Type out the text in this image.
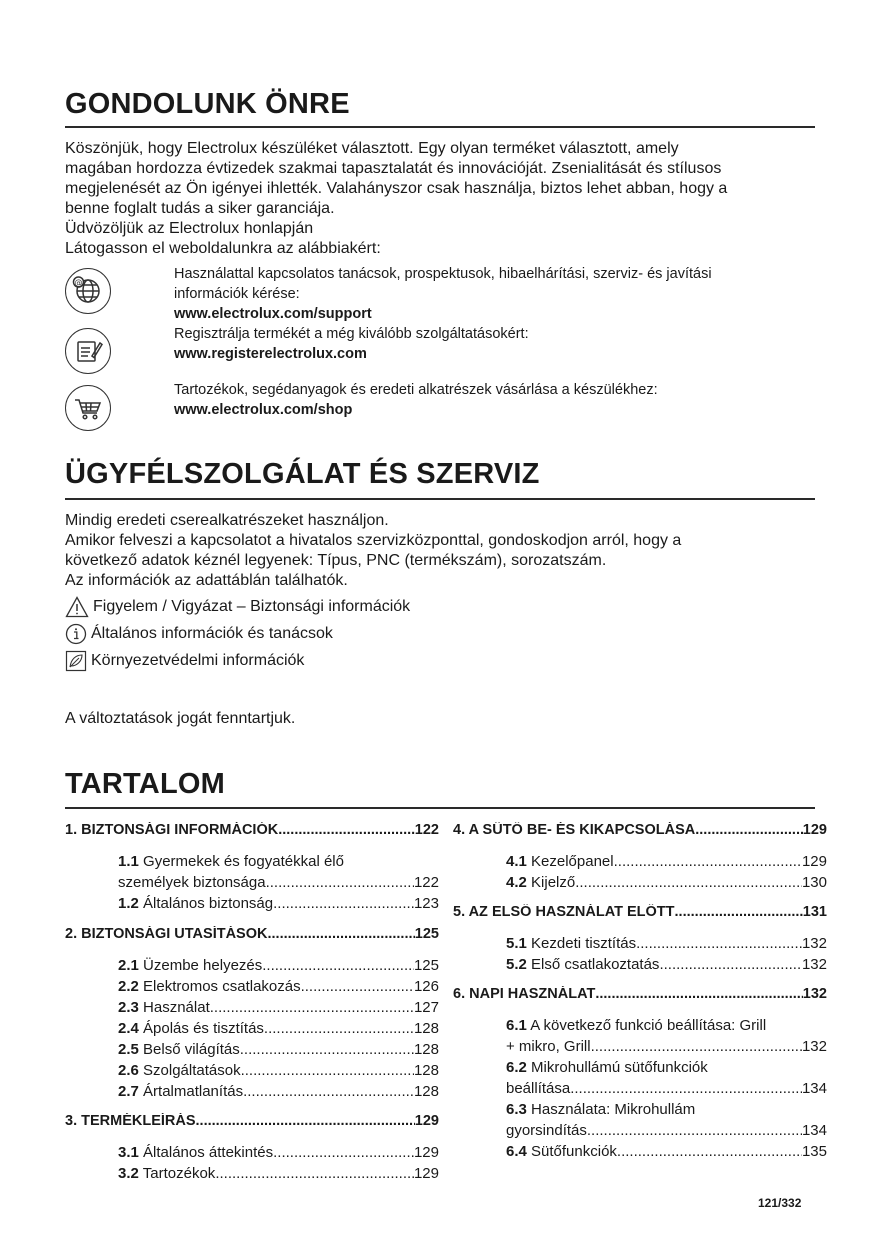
GONDOLUNK ÖNRE
Köszönjük, hogy Electrolux készüléket választott. Egy olyan terméket választott, amely
magában hordozza évtizedek szakmai tapasztalatát és innovációját. Zsenialitását és stílusos
megjelenését az Ön igényei ihlették. Valahányszor csak használja, biztos lehet abban, hogy a
benne foglalt tudás a siker garanciája.
Üdvözöljük az Electrolux honlapján
Látogasson el weboldalunkra az alábbiakért:
@
Használattal kapcsolatos tanácsok, prospektusok, hibaelhárítási, szerviz- és javítási
információk kérése:
www.electrolux.com/support
Regisztrálja termékét a még kiválóbb szolgáltatásokért:
www.registerelectrolux.com
Tartozékok, segédanyagok és eredeti alkatrészek vásárlása a készülékhez:
www.electrolux.com/shop
ÜGYFÉLSZOLGÁLAT ÉS SZERVIZ
Mindig eredeti cserealkatrészeket használjon.
Amikor felveszi a kapcsolatot a hivatalos szervizközponttal, gondoskodjon arról, hogy a
következő adatok kéznél legyenek: Típus, PNC (termékszám), sorozatszám.
Az információk az adattáblán találhatók.
Figyelem / Vigyázat – Biztonsági információk
Általános információk és tanácsok
Környezetvédelmi információk
A változtatások jogát fenntartjuk.
TARTALOM
1. BIZTONSÁGI INFORMÁCIÓK .....	122
1.1 Gyermekek és fogyatékkal élő
személyek biztonsága .....	122
1.2 Általános biztonság .....	123
2. BIZTONSÁGI UTASÍTÁSOK .....	125
2.1 Üzembe helyezés .....	125
2.2 Elektromos csatlakozás .....	126
2.3 Használat .....	127
2.4 Ápolás és tisztítás .....	128
2.5 Belső világítás .....	128
2.6 Szolgáltatások .....	128
2.7 Ártalmatlanítás .....	128
3. TERMÉKLEÍRÁS .....	129
3.1 Általános áttekintés .....	129
3.2 Tartozékok .....	129
4. A SÜTŐ BE- ÉS KIKAPCSOLÁSA .....	129
4.1 Kezelőpanel .....	129
4.2 Kijelző .....	130
5. AZ ELSŐ HASZNÁLAT ELŐTT .....	131
5.1 Kezdeti tisztítás .....	132
5.2 Első csatlakoztatás .....	132
6. NAPI HASZNÁLAT .....	132
6.1 A következő funkció beállítása: Grill
+ mikro, Grill .....	132
6.2 Mikrohullámú sütőfunkciók
beállítása .....	134
6.3 Használata: Mikrohullám
gyorsindítás .....	134
6.4 Sütőfunkciók .....	135
121/332
